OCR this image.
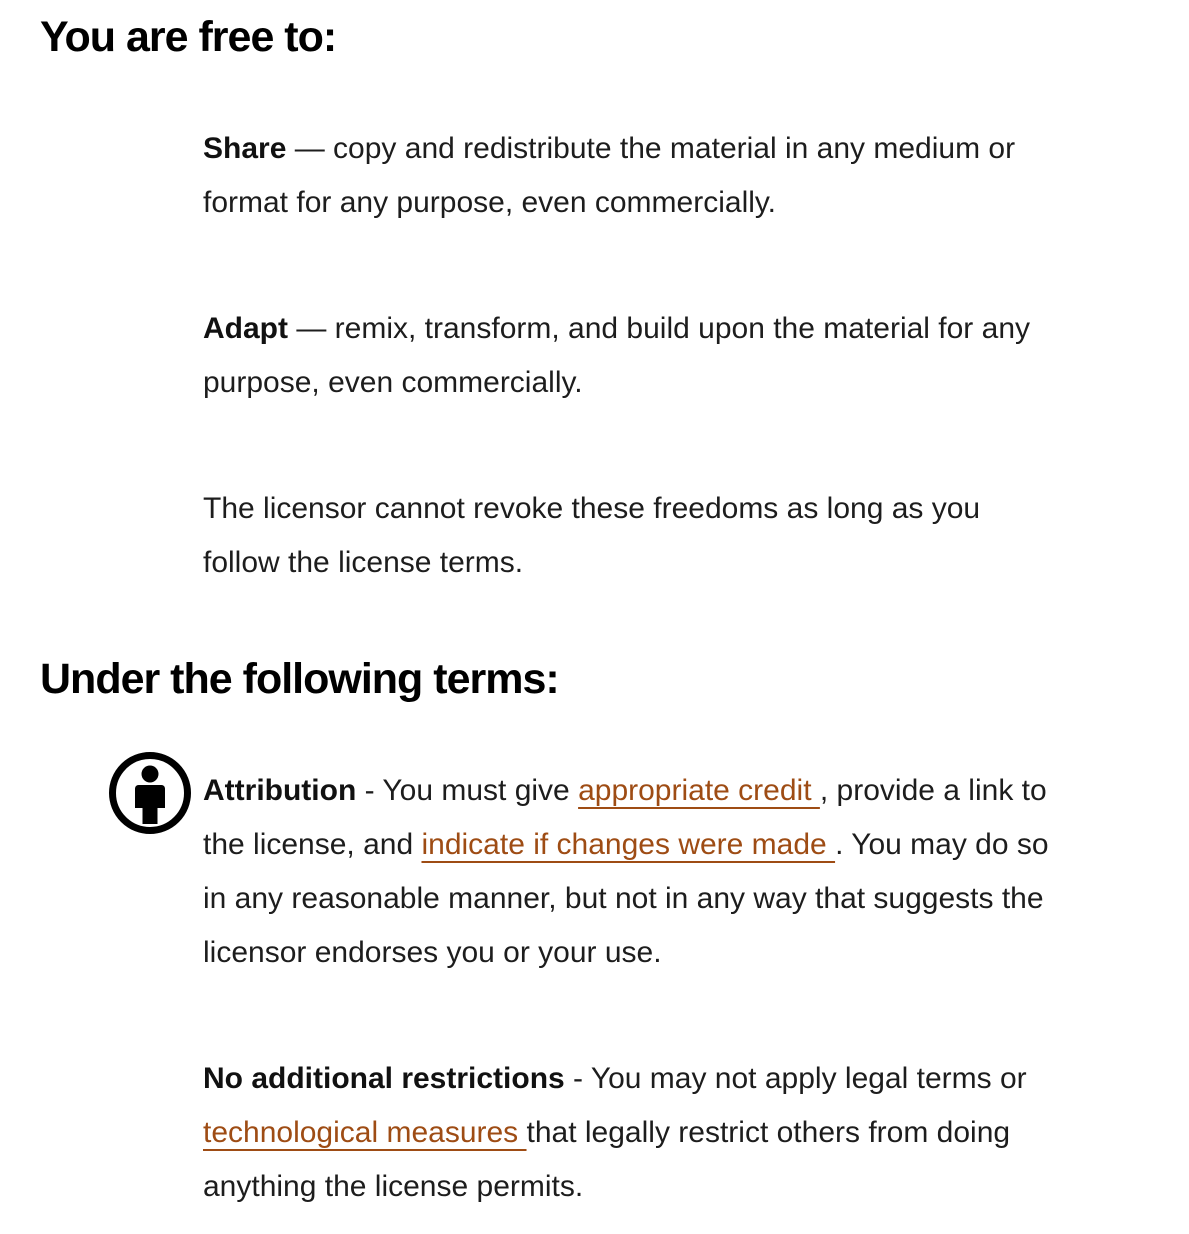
You are free to:
Share — copy and redistribute the material in any medium or
format for any purpose, even commercially.
Adapt — remix, transform, and build upon the material for any
purpose, even commercially.
The licensor cannot revoke these freedoms as long as you
follow the license terms.
Under the following terms:
Attribution - You must give appropriate credit , provide a link to
the license, and indicate if changes were made . You may do so
in any reasonable manner, but not in any way that suggests the
licensor endorses you or your use.
No additional restrictions - You may not apply legal terms or
technological measures that legally restrict others from doing
anything the license permits.
